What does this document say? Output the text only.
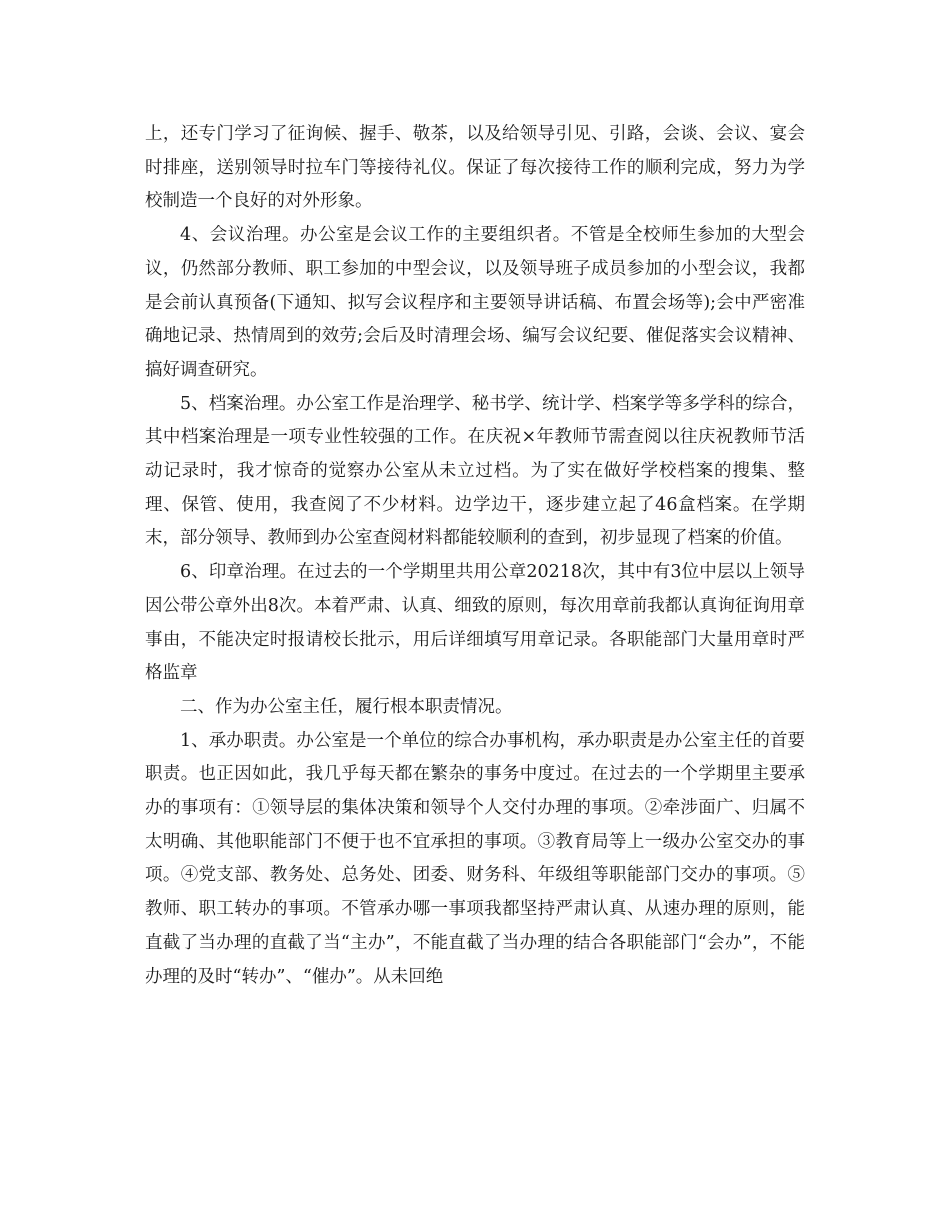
上，还专门学习了征询候、握手、敬茶，以及给领导引见、引路，会谈、会议、宴会时排座，送别领导时拉车门等接待礼仪。保证了每次接待工作的顺利完成，努力为学校制造一个良好的对外形象。

4、会议治理。办公室是会议工作的主要组织者。不管是全校师生参加的大型会议，仍然部分教师、职工参加的中型会议，以及领导班子成员参加的小型会议，我都是会前认真预备(下通知、拟写会议程序和主要领导讲话稿、布置会场等);会中严密准确地记录、热情周到的效劳;会后及时清理会场、编写会议纪要、催促落实会议精神、搞好调查研究。

5、档案治理。办公室工作是治理学、秘书学、统计学、档案学等多学科的综合，其中档案治理是一项专业性较强的工作。在庆祝×年教师节需查阅以往庆祝教师节活动记录时，我才惊奇的觉察办公室从未立过档。为了实在做好学校档案的搜集、整理、保管、使用，我查阅了不少材料。边学边干，逐步建立起了46盒档案。在学期末，部分领导、教师到办公室查阅材料都能较顺利的查到，初步显现了档案的价值。

6、印章治理。在过去的一个学期里共用公章20218次，其中有3位中层以上领导因公带公章外出8次。本着严肃、认真、细致的原则，每次用章前我都认真询征询用章事由，不能决定时报请校长批示，用后详细填写用章记录。各职能部门大量用章时严格监章

二、作为办公室主任，履行根本职责情况。

1、承办职责。办公室是一个单位的综合办事机构，承办职责是办公室主任的首要职责。也正因如此，我几乎每天都在繁杂的事务中度过。在过去的一个学期里主要承办的事项有：①领导层的集体决策和领导个人交付办理的事项。②牵涉面广、归属不太明确、其他职能部门不便于也不宜承担的事项。③教育局等上一级办公室交办的事项。④党支部、教务处、总务处、团委、财务科、年级组等职能部门交办的事项。⑤教师、职工转办的事项。不管承办哪一事项我都坚持严肃认真、从速办理的原则，能直截了当办理的直截了当“主办”，不能直截了当办理的结合各职能部门“会办”，不能办理的及时“转办”、“催办”。从未回绝
